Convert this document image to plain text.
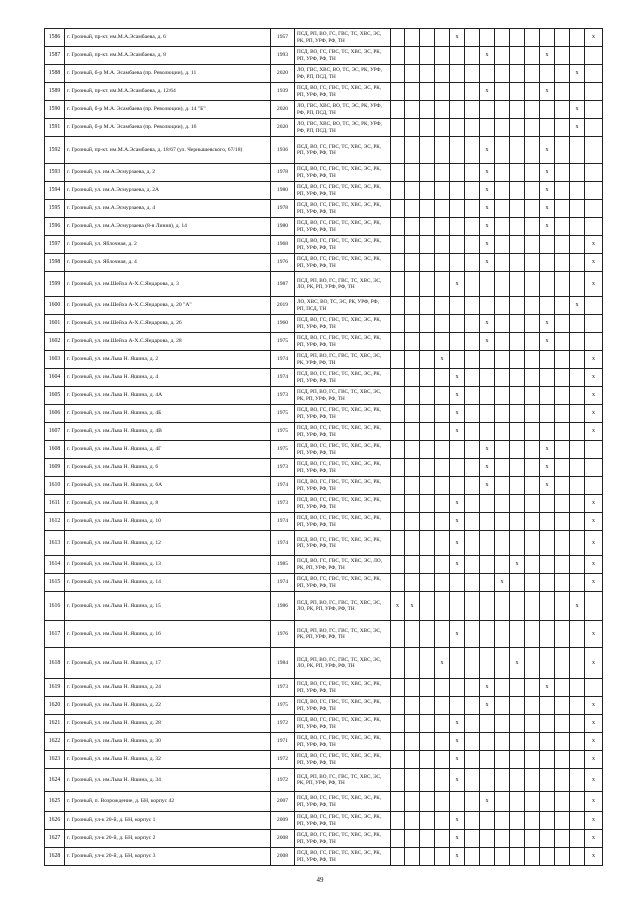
1586	г. Грозный, пр-кт. им.М.А.Эсамбаева, д. 6	1957	ПСД, РП, ВО, ГС, ГВС, ТС, ХВС, ЭС, РК, РП, УРФ, РФ, ТН					x									x
1587	г. Грозный, пр-кт. им.М.А.Эсамбаева, д. 8	1993	ПСД, ВО, ГС, ГВС, ТС, ХВС, ЭС, РК, РП, УРФ, РФ, ТН							x				x			
1588	г. Грозный, б-р М.А. Эсамбаева (пр. Революции), д. 11	2020	ЛО, ГВС, ХВС, ВО, ТС, ЭС, РК, УРФ, РФ, РП, ПСД, ТН													x	
1589	г. Грозный, пр-кт. им.М.А.Эсамбаева, д. 12/64	1939	ПСД, ВО, ГС, ГВС, ТС, ХВС, ЭС, РК, РП, УРФ, РФ, ТН							x				x			
1590	г. Грозный, б-р М.А. Эсамбаева (пр. Революции), д. 14 "Б"	2020	ЛО, ГВС, ХВС, ВО, ТС, ЭС, РК, УРФ, РФ, РП, ПСД, ТН													x	
1591	г. Грозный, б-р М.А. Эсамбаева (пр. Революции), д. 16	2020	ЛО, ГВС, ХВС, ВО, ТС, ЭС, РК, УРФ, РФ, РП, ПСД, ТН													x	
1592	г. Грозный, пр-кт. им.М.А.Эсамбаева, д. 18/67 (ул. Чернышевского, 67/18)	1936	ПСД, ВО, ГС, ГВС, ТС, ХВС, ЭС, РК, РП, УРФ, РФ, ТН							x				x			
1593	г. Грозный, ул. им.А.Эсмурзаева, д. 2	1978	ПСД, ВО, ГС, ГВС, ТС, ХВС, ЭС, РК, РП, УРФ, РФ, ТН							x				x			
1594	г. Грозный, ул. им.А.Эсмурзаева, д. 2А	1980	ПСД, ВО, ГС, ГВС, ТС, ХВС, ЭС, РК, РП, УРФ, РФ, ТН							x				x			
1595	г. Грозный, ул. им.А.Эсмурзаева, д. 4	1978	ПСД, ВО, ГС, ГВС, ТС, ХВС, ЭС, РК, РП, УРФ, РФ, ТН							x				x			
1596	г. Грозный, ул. им.А.Эсмурзаева (8-я Линия), д. 14	1980	ПСД, ВО, ГС, ГВС, ТС, ХВС, ЭС, РК, РП, УРФ, РФ, ТН							x				x			
1597	г. Грозный, ул. Яблочная, д. 2	1968	ПСД, ВО, ГС, ГВС, ТС, ХВС, ЭС, РК, РП, УРФ, РФ, ТН							x							x
1598	г. Грозный, ул. Яблочная, д. 4	1976	ПСД, ВО, ГС, ГВС, ТС, ХВС, ЭС, РК, РП, УРФ, РФ, ТН							x							x
1599	г. Грозный, ул. им.Шейха А-Х.С.Яндарова, д. 3	1987	ПСД, РП, ВО, ГС, ГВС, ТС, ХВС, ЭС, ЛО, РК, РП, УРФ, РФ, ТН					x									x
1600	г. Грозный, ул. им.Шейха А-Х.С.Яндарова, д. 20 "А"	2019	ЛО, ХВС, ВО, ТС, ЭС, РК, УРФ, РФ, РП, ПСД, ТН													x	
1601	г. Грозный, ул. им.Шейха А-Х.С.Яндарова, д. 26	1960	ПСД, ВО, ГС, ГВС, ТС, ХВС, ЭС, РК, РП, УРФ, РФ, ТН							x				x			
1602	г. Грозный, ул. им.Шейха А-Х.С.Яндарова, д. 28	1975	ПСД, ВО, ГС, ГВС, ТС, ХВС, ЭС, РК, РП, УРФ, РФ, ТН							x				x			
1603	г. Грозный, ул. им.Льва Н. Яшина, д. 2	1974	ПСД, РП, ВО, ГС, ГВС, ТС, ХВС, ЭС, РК, УРФ, РФ, ТН				x										x
1604	г. Грозный, ул. им.Льва Н. Яшина, д. 4	1974	ПСД, ВО, ГС, ГВС, ТС, ХВС, ЭС, РК, РП, УРФ, РФ, ТН					x									x
1605	г. Грозный, ул. им.Льва Н. Яшина, д. 4А	1973	ПСД, РП, ВО, ГС, ГВС, ТС, ХВС, ЭС, РК, РП, УРФ, РФ, ТН					x									x
1606	г. Грозный, ул. им.Льва Н. Яшина, д. 4Б	1975	ПСД, ВО, ГС, ГВС, ТС, ХВС, ЭС, РК, РП, УРФ, РФ, ТН					x									x
1607	г. Грозный, ул. им.Льва Н. Яшина, д. 4В	1975	ПСД, ВО, ГС, ГВС, ТС, ХВС, ЭС, РК, РП, УРФ, РФ, ТН					x									x
1608	г. Грозный, ул. им.Льва Н. Яшина, д. 4Г	1975	ПСД, ВО, ГС, ГВС, ТС, ХВС, ЭС, РК, РП, УРФ, РФ, ТН							x				x			
1609	г. Грозный, ул. им.Льва Н. Яшина, д. 6	1973	ПСД, ВО, ГС, ГВС, ТС, ХВС, ЭС, РК, РП, УРФ, РФ, ТН							x				x			
1610	г. Грозный, ул. им.Льва Н. Яшина, д. 6А	1974	ПСД, ВО, ГС, ГВС, ТС, ХВС, ЭС, РК, РП, УРФ, РФ, ТН							x				x			
1611	г. Грозный, ул. им.Льва Н. Яшина, д. 8	1973	ПСД, ВО, ГС, ГВС, ТС, ХВС, ЭС, РК, РП, УРФ, РФ, ТН					x									x
1612	г. Грозный, ул. им.Льва Н. Яшина, д. 10	1974	ПСД, ВО, ГС, ГВС, ТС, ХВС, ЭС, РК, РП, УРФ, РФ, ТН					x									x
1613	г. Грозный, ул. им.Льва Н. Яшина, д. 12	1974	ПСД, ВО, ГС, ГВС, ТС, ХВС, ЭС, РК, РП, УРФ, РФ, ТН					x									x
1614	г. Грозный, ул. им.Льва Н. Яшина, д. 13	1985	ПСД, ВО, ГС, ГВС, ТС, ХВС, ЭС, ЛО, РК, РП, УРФ, РФ, ТН					x				x					x
1615	г. Грозный, ул. им.Льва Н. Яшина, д. 14	1974	ПСД, ВО, ГС, ГВС, ТС, ХВС, ЭС, РК, РП, УРФ, РФ, ТН								x						x
1616	г. Грозный, ул. им.Льва Н. Яшина, д. 15	1986	ПСД, РП, ВО, ГС, ГВС, ТС, ХВС, ЭС, ЛО, РК, РП, УРФ, РФ, ТН	x	x											x	
1617	г. Грозный, ул. им.Льва Н. Яшина, д. 16	1976	ПСД, РП, ВО, ГС, ГВС, ТС, ХВС, ЭС, РК, РП, УРФ, РФ, ТН					x									x
1618	г. Грозный, ул. им.Льва Н. Яшина, д. 17	1984	ПСД, РП, ВО, ГС, ГВС, ТС, ХВС, ЭС, ЛО, РК, РП, УРФ, РФ, ТН				x					x					x
1619	г. Грозный, ул. им.Льва Н. Яшина, д. 24	1973	ПСД, ВО, ГС, ГВС, ТС, ХВС, ЭС, РК, РП, УРФ, РФ, ТН							x				x			
1620	г. Грозный, ул. им.Льва Н. Яшина, д. 22	1975	ПСД, ВО, ГС, ГВС, ТС, ХВС, ЭС, РК, РП, УРФ, РФ, ТН							x							x
1621	г. Грозный, ул. им.Льва Н. Яшина, д. 28	1972	ПСД, ВО, ГС, ГВС, ТС, ХВС, ЭС, РК, РП, УРФ, РФ, ТН					x									x
1622	г. Грозный, ул. им.Льва Н. Яшина, д. 30	1971	ПСД, ВО, ГС, ГВС, ТС, ХВС, ЭС, РК, РП, УРФ, РФ, ТН					x									x
1623	г. Грозный, ул. им.Льва Н. Яшина, д. 32	1972	ПСД, ВО, ГС, ГВС, ТС, ХВС, ЭС, РК, РП, УРФ, РФ, ТН					x									x
1624	г. Грозный, ул. им.Льва Н. Яшина, д. 34	1972	ПСД, РП, ВО, ГС, ГВС, ТС, ХВС, ЭС, РК, РП, УРФ, РФ, ТН					x									x
1625	г. Грозный, п. Возрождение, д. БН, корпус 42	2007	ПСД, ВО, ГС, ГВС, ТС, ХВС, ЭС, РК, РП, УРФ, РФ, ТН							x							x
1626	г. Грозный, ул-к 20-й, д. БН, корпус 1	2009	ПСД, ВО, ГС, ГВС, ТС, ХВС, ЭС, РК, РП, УРФ, РФ, ТН					x									x
1627	г. Грозный, ул-к 20-й, д. БН, корпус 2	2008	ПСД, ВО, ГС, ГВС, ТС, ХВС, ЭС, РК, РП, УРФ, РФ, ТН					x									x
1628	г. Грозный, ул-к 20-й, д. БН, корпус 3	2008	ПСД, ВО, ГС, ГВС, ТС, ХВС, ЭС, РК, РП, УРФ, РФ, ТН					x									x
49
